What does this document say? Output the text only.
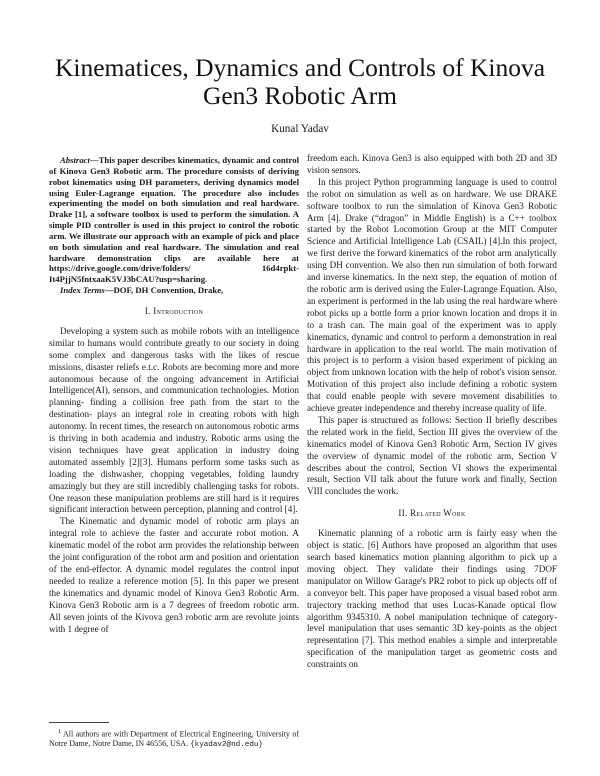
Kinematices, Dynamics and Controls of Kinova
Gen3 Robotic Arm

Kunal Yadav

Abstract—This paper describes kinematics, dynamic and control of Kinova Gen3 Robotic arm. The procedure consists of deriving robot kinematics using DH parameters, deriving dynamics model using Euler-Lagrange equation. The procedure also includes experimenting the model on both simulation and real hardware. Drake [1], a software toolbox is used to perform the simulation. A simple PID controller is used in this project to control the robotic arm. We illustrate our approach with an example of pick and place on both simulation and real hardware. The simulation and real hardware demonstration clips are available here at https://drive.google.com/drive/folders/ 16d4rpkt-It4PjjN5fntxaaK5VJ3bCAU?usp=sharing.

Index Terms—DOF, DH Convention, Drake,

I. Introduction

Developing a system such as mobile robots with an intelligence similar to humans would contribute greatly to our society in doing some complex and dangerous tasks with the likes of rescue missions, disaster reliefs e.t.c. Robots are becoming more and more autonomous because of the ongoing advancement in Artificial Intelligence(AI), sensors, and communication technologies. Motion planning- finding a collision free path from the start to the destination- plays an integral role in creating robots with high autonomy. In recent times, the research on autonomous robotic arms is thriving in both academia and industry. Robotic arms using the vision techniques have great application in industry doing automated assembly [2][3]. Humans perform some tasks such as loading the dishwasher, chopping vegetables, folding laundry amazingly but they are still incredibly challenging tasks for robots. One reason these manipulation problems are still hard is it requires significant interaction between perception, planning and control [4].

The Kinematic and dynamic model of robotic arm plays an integral role to achieve the faster and accurate robot motion. A kinematic model of the robot arm provides the relationship between the joint configuration of the robot arm and position and orientation of the end-effector. A dynamic model regulates the control input needed to realize a reference motion [5]. In this paper we present the kinematics and dynamic model of Kinova Gen3 Robotic Arm. Kinova Gen3 Robotic arm is a 7 degrees of freedom robotic arm. All seven joints of the Kivova gen3 robotic arm are revolute joints with 1 degree of

$^1$ All authors are with Department of Electrical Engineering, University of Notre Dame, Notre Dame, IN 46556, USA. {kyadav2@nd.edu}

freedom each. Kinova Gen3 is also equipped with both 2D and 3D vision sensors.

In this project Python programming language is used to control the robot on simulation as well as on hardware. We use DRAKE software toolbox to run the simulation of Kinova Gen3 Robotic Arm [4]. Drake (“dragon” in Middle English) is a C++ toolbox started by the Robot Locomotion Group at the MIT Computer Science and Artificial Intelligence Lab (CSAIL) [4].In this project, we first derive the forward kinematics of the robot arm analytically using DH convention. We also then run simulation of both forward and inverse kinematics. In the next step, the equation of motion of the robotic arm is derived using the Euler-Lagrange Equation. Also, an experiment is performed in the lab using the real hardware where robot picks up a bottle form a prior known location and drops it in to a trash can. The main goal of the experiment was to apply kinematics, dynamic and control to perform a demonstration in real hardware in application to the real world. The main motivation of this project is to perform a vision based experiment of picking an object from unknown location with the help of robot's vision sensor. Motivation of this project also include defining a robotic system that could enable people with severe movement disabilities to achieve greater independence and thereby increase quality of life.

This paper is structured as follows: Section II briefly describes the related work in the field, Section III gives the overview of the kinematics model of Kinova Gen3 Robotic Arm, Section IV gives the overview of dynamic model of the robotic arm, Section V describes about the control, Section VI shows the experimental result, Section VII talk about the future work and finally, Section VIII concludes the work.

II. Related Work

Kinematic planning of a robotic arm is fairly easy when the object is static. [6] Authors have proposed an algorithm that uses search based kinematics motion planning algorithm to pick up a moving object. They validate their findings using 7DOF manipulator on Willow Garage's PR2 robot to pick up objects off of a conveyor belt. This paper have proposed a visual based robot arm trajectory tracking method that uses Lucas-Kanade optical flow algorithm 9345310. A nobel manipulation technique of category-level manipulation that uses semantic 3D key-points as the object representation [7]. This method enables a simple and interpretable specification of the manipulation target as geometric costs and constraints on
